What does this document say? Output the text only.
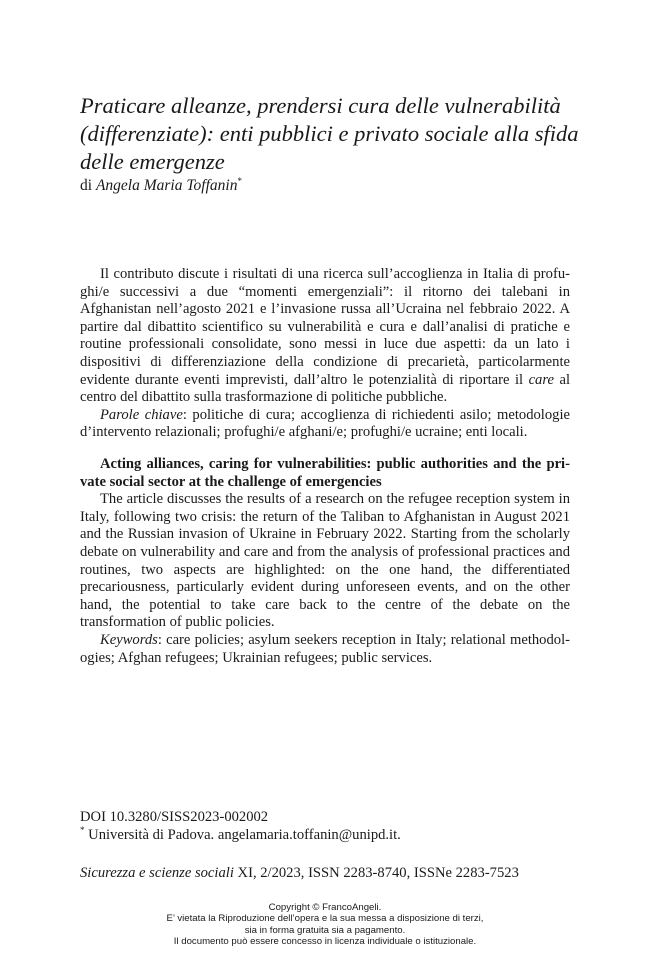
Praticare alleanze, prendersi cura delle vulnerabilità (differenziate): enti pubblici e privato sociale alla sfida delle emergenze
di Angela Maria Toffanin*

Il contributo discute i risultati di una ricerca sull’accoglienza in Italia di profughi/e successivi a due “momenti emergenziali”: il ritorno dei talebani in Afghanistan nell’agosto 2021 e l’invasione russa all’Ucraina nel febbraio 2022. A partire dal dibattito scientifico su vulnerabilità e cura e dall’analisi di pratiche e routine professionali consolidate, sono messi in luce due aspetti: da un lato i dispositivi di differenziazione della condizione di precarietà, particolarmente evidente durante eventi imprevisti, dall’altro le potenzialità di riportare il care al centro del dibattito sulla trasformazione di politiche pubbliche.

Parole chiave: politiche di cura; accoglienza di richiedenti asilo; metodologie d’intervento relazionali; profughi/e afghani/e; profughi/e ucraine; enti locali.

Acting alliances, caring for vulnerabilities: public authorities and the private social sector at the challenge of emergencies

The article discusses the results of a research on the refugee reception system in Italy, following two crisis: the return of the Taliban to Afghanistan in August 2021 and the Russian invasion of Ukraine in February 2022. Starting from the scholarly debate on vulnerability and care and from the analysis of professional practices and routines, two aspects are highlighted: on the one hand, the differentiated precariousness, particularly evident during unforeseen events, and on the other hand, the potential to take care back to the centre of the debate on the transformation of public policies.

Keywords: care policies; asylum seekers reception in Italy; relational methodologies; Afghan refugees; Ukrainian refugees; public services.

DOI 10.3280/SISS2023-002002
* Università di Padova. angelamaria.toffanin@unipd.it.
Sicurezza e scienze sociali XI, 2/2023, ISSN 2283-8740, ISSNe 2283-7523
Copyright © FrancoAngeli.
E’ vietata la Riproduzione dell’opera e la sua messa a disposizione di terzi,
sia in forma gratuita sia a pagamento.
Il documento può essere concesso in licenza individuale o istituzionale.
